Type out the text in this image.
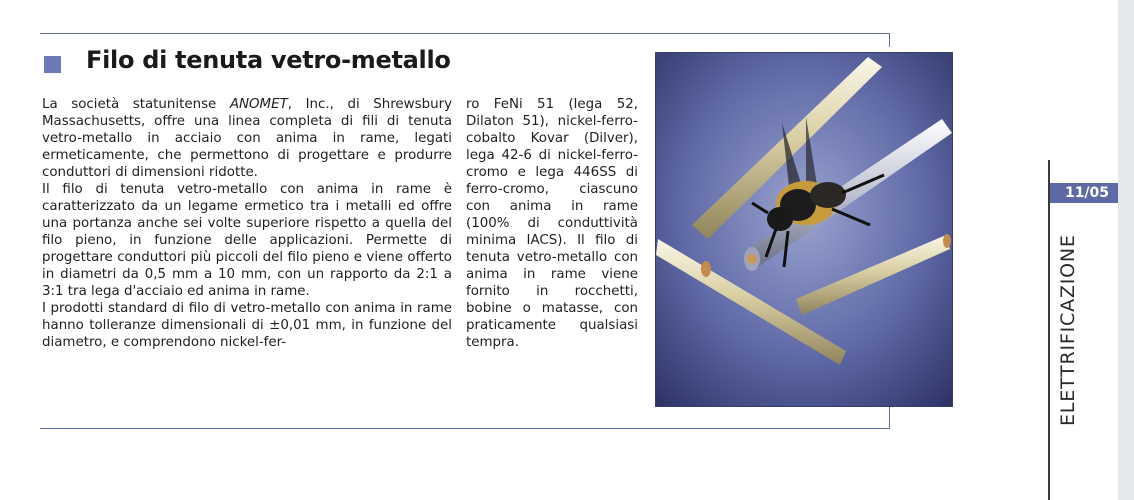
Filo di tenuta vetro-metallo

La società statunitense ANOMET, Inc., di Shrewsbury Massachusetts, offre una linea completa di fili di tenuta vetro-metallo in acciaio con anima in rame, legati ermeticamente, che permettono di progettare e produrre conduttori di dimensioni ridotte.

Il filo di tenuta vetro-metallo con anima in rame è caratterizzato da un legame ermetico tra i metalli ed offre una portanza anche sei volte superiore rispetto a quella del filo pieno, in funzione delle applicazioni. Permette di progettare conduttori più piccoli del filo pieno e viene offerto in diametri da 0,5 mm a 10 mm, con un rapporto da 2:1 a 3:1 tra lega d'acciaio ed anima in rame.

I prodotti standard di filo di vetro-metallo con anima in rame hanno tolleranze dimensionali di ±0,01 mm, in funzione del diametro, e comprendono nickel-fer-

ro FeNi 51 (lega 52, Dilaton 51), nickel-ferro-cobalto Kovar (Dilver), lega 42-6 di nickel-ferro-cromo e lega 446SS di ferro-cromo, ciascuno con anima in rame (100% di conduttività minima IACS). Il filo di tenuta vetro-metallo con anima in rame viene fornito in rocchetti, bobine o matasse, con praticamente qualsiasi tempra.

11/05
ELETTRIFICAZIONE
